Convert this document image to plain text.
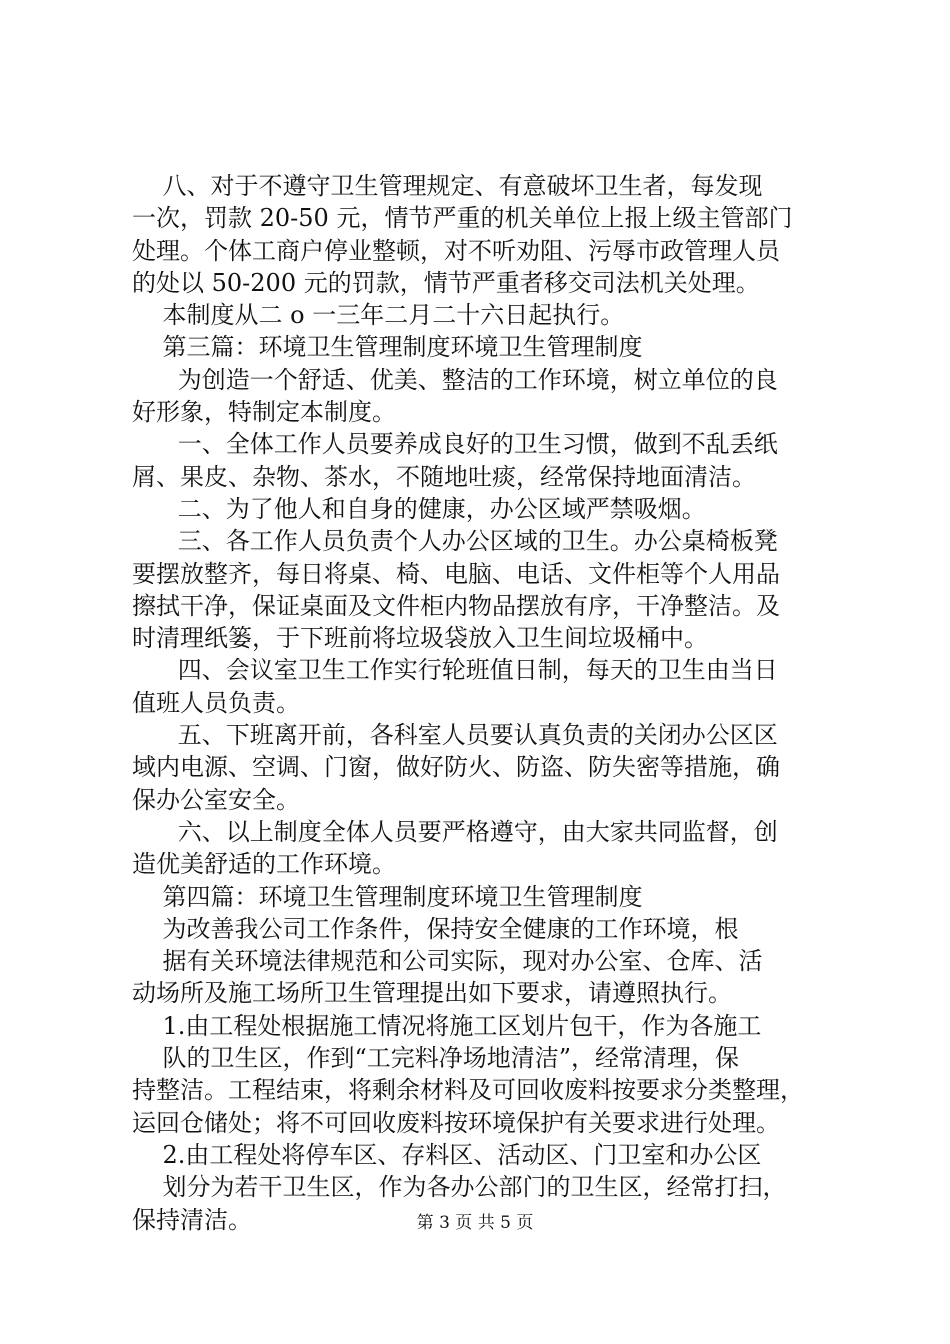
八、对于不遵守卫生管理规定、有意破坏卫生者，每发现
一次，罚款 20-50 元，情节严重的机关单位上报上级主管部门
处理。个体工商户停业整顿，对不听劝阻、污辱市政管理人员
的处以 50-200 元的罚款，情节严重者移交司法机关处理。
本制度从二 o 一三年二月二十六日起执行。
第三篇：环境卫生管理制度环境卫生管理制度
为创造一个舒适、优美、整洁的工作环境，树立单位的良
好形象，特制定本制度。
一、全体工作人员要养成良好的卫生习惯，做到不乱丢纸
屑、果皮、杂物、茶水，不随地吐痰，经常保持地面清洁。
二、为了他人和自身的健康，办公区域严禁吸烟。
三、各工作人员负责个人办公区域的卫生。办公桌椅板凳
要摆放整齐，每日将桌、椅、电脑、电话、文件柜等个人用品
擦拭干净，保证桌面及文件柜内物品摆放有序，干净整洁。及
时清理纸篓，于下班前将垃圾袋放入卫生间垃圾桶中。
四、会议室卫生工作实行轮班值日制，每天的卫生由当日
值班人员负责。
五、下班离开前，各科室人员要认真负责的关闭办公区区
域内电源、空调、门窗，做好防火、防盗、防失密等措施，确
保办公室安全。
六、以上制度全体人员要严格遵守，由大家共同监督，创
造优美舒适的工作环境。
第四篇：环境卫生管理制度环境卫生管理制度
为改善我公司工作条件，保持安全健康的工作环境，根
据有关环境法律规范和公司实际，现对办公室、仓库、活
动场所及施工场所卫生管理提出如下要求，请遵照执行。
1.由工程处根据施工情况将施工区划片包干，作为各施工
队的卫生区，作到“工完料净场地清洁”，经常清理，保
持整洁。工程结束，将剩余材料及可回收废料按要求分类整理，
运回仓储处；将不可回收废料按环境保护有关要求进行处理。
2.由工程处将停车区、存料区、活动区、门卫室和办公区
划分为若干卫生区，作为各办公部门的卫生区，经常打扫，
保持清洁。	第 3 页 共 5 页
